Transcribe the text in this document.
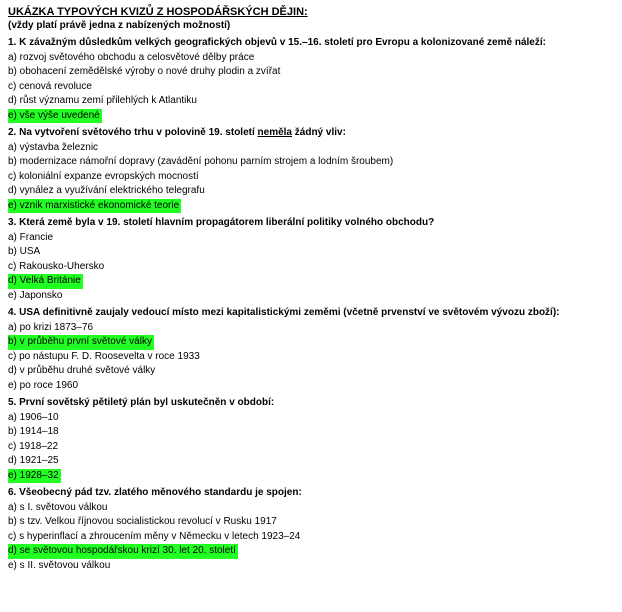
UKÁZKA TYPOVÝCH KVIZŮ Z HOSPODÁŘSKÝCH DĚJIN:

(vždy platí právě jedna z nabízených možností)

1. K závažným důsledkům velkých geografických objevů v 15.–16. století pro Evropu a kolonizované země náleží:
a) rozvoj světového obchodu a celosvětové dělby práce
b) obohacení zemědělské výroby o nové druhy plodin a zvířat
c) cenová revoluce
d) růst významu zemí přilehlých k Atlantiku
e) vše výše uvedené
2. Na vytvoření světového trhu v polovině 19. století neměla žádný vliv:
a) výstavba železnic
b) modernizace námořní dopravy (zavádění pohonu parním strojem a lodním šroubem)
c) koloniální expanze evropských mocností
d) vynález a využívání elektrického telegrafu
e) vznik marxistické ekonomické teorie
3. Která země byla v 19. století hlavním propagátorem liberální politiky volného obchodu?
a) Francie
b) USA
c) Rakousko-Uhersko
d) Velká Británie
e) Japonsko
4. USA definitivně zaujaly vedoucí místo mezi kapitalistickými zeměmi (včetně prvenství ve světovém vývozu zboží):
a) po krizi 1873–76
b) v průběhu první světové války
c) po nástupu F. D. Roosevelta v roce 1933
d) v průběhu druhé světové války
e) po roce 1960
5. První sovětský pětiletý plán byl uskutečněn v období:
a) 1906–10
b) 1914–18
c) 1918–22
d) 1921–25
e) 1928–32
6. Všeobecný pád tzv. zlatého měnového standardu je spojen:
a) s I. světovou válkou
b) s tzv. Velkou říjnovou socialistickou revolucí v Rusku 1917
c) s hyperinflací a zhroucením měny v Německu v letech 1923–24
d) se světovou hospodářskou krizí 30. let 20. století
e) s II. světovou válkou
